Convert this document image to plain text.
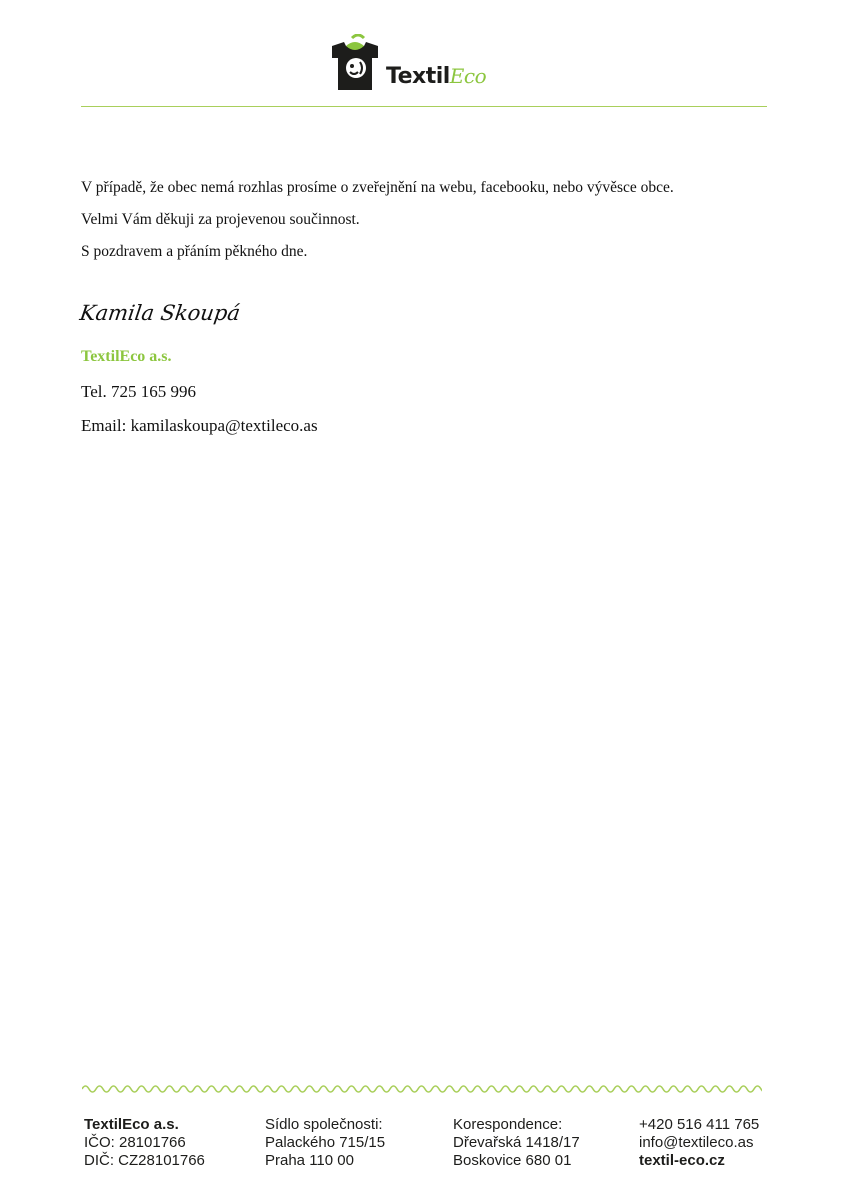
TextilEco

V případě, že obec nemá rozhlas prosíme o zveřejnění na webu, facebooku, nebo vývěsce obce.

Velmi Vám děkuji za projevenou součinnost.

S pozdravem a přáním pěkného dne.

Kamila Skoupá
TextilEco a.s.
Tel. 725 165 996
Email: kamilaskoupa@textileco.as
TextilEco a.s.
IČO: 28101766
DIČ: CZ28101766
Sídlo společnosti:
Palackého 715/15
Praha 110 00
Korespondence:
Dřevařská 1418/17
Boskovice 680 01
+420 516 411 765
info@textileco.as
textil-eco.cz
